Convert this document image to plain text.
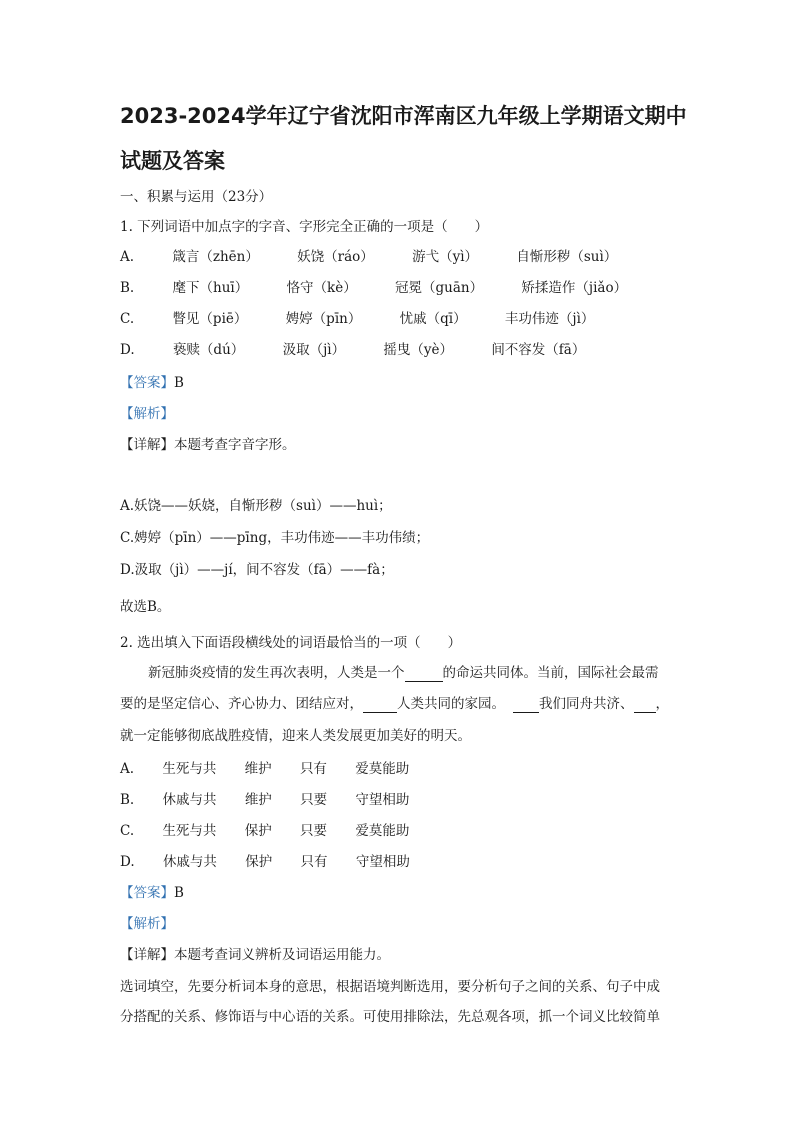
2023-2024学年辽宁省沈阳市浑南区九年级上学期语文期中
试题及答案
一、积累与运用（23分）
1. 下列词语中加点字的字音、字形完全正确的一项是（　　）
A.	箴言（zhēn）	妖饶（ráo）	游弋（yì）	自惭形秽（suì）
B.	麾下（huī）	恪守（kè）	冠冕（guān）	矫揉造作（jiǎo）
C.	瞥见（piē）	娉婷（pīn）	忧戚（qī）	丰功伟迹（jì）
D.	亵赎（dú）	汲取（jì）	摇曳（yè）	间不容发（fā）
【答案】B
【解析】
【详解】本题考查字音字形。
A.妖饶——妖娆，自惭形秽（suì）——huì；
C.娉婷（pīn）——pīng，丰功伟迹——丰功伟绩；
D.汲取（jì）——jí，间不容发（fā）——fà；
故选B。
2. 选出填入下面语段横线处的词语最恰当的一项（　　）
新冠肺炎疫情的发生再次表明，人类是一个	的命运共同体。当前，国际社会最需
要的是坚定信心、齐心协力、团结应对，	人类共同的家园。	我们同舟共济、 ，
就一定能够彻底战胜疫情，迎来人类发展更加美好的明天。
A. 生死与共 维护 只有 爱莫能助
B. 休戚与共 维护 只要 守望相助
C. 生死与共 保护 只要 爱莫能助
D. 休戚与共 保护 只有 守望相助
【答案】B
【解析】
【详解】本题考查词义辨析及词语运用能力。
选词填空，先要分析词本身的意思，根据语境判断选用，要分析句子之间的关系、句子中成
分搭配的关系、修饰语与中心语的关系。可使用排除法，先总观各项，抓一个词义比较简单
